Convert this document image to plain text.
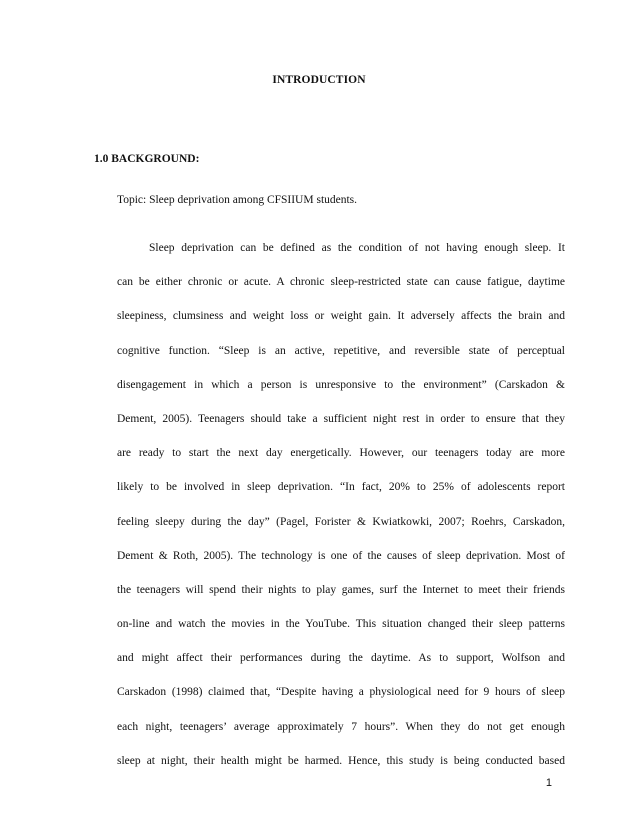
INTRODUCTION
1.0 BACKGROUND:
Topic: Sleep deprivation among CFSIIUM students.
Sleep deprivation can be defined as the condition of not having enough sleep. It
can be either chronic or acute. A chronic sleep-restricted state can cause fatigue, daytime
sleepiness, clumsiness and weight loss or weight gain. It adversely affects the brain and
cognitive function. “Sleep is an active, repetitive, and reversible state of perceptual
disengagement in which a person is unresponsive to the environment” (Carskadon &
Dement, 2005). Teenagers should take a sufficient night rest in order to ensure that they
are ready to start the next day energetically. However, our teenagers today are more
likely to be involved in sleep deprivation. “In fact, 20% to 25% of adolescents report
feeling sleepy during the day” (Pagel, Forister & Kwiatkowki, 2007; Roehrs, Carskadon,
Dement & Roth, 2005). The technology is one of the causes of sleep deprivation. Most of
the teenagers will spend their nights to play games, surf the Internet to meet their friends
on-line and watch the movies in the YouTube. This situation changed their sleep patterns
and might affect their performances during the daytime. As to support, Wolfson and
Carskadon (1998) claimed that, “Despite having a physiological need for 9 hours of sleep
each night, teenagers’ average approximately 7 hours”. When they do not get enough
sleep at night, their health might be harmed. Hence, this study is being conducted based
1
